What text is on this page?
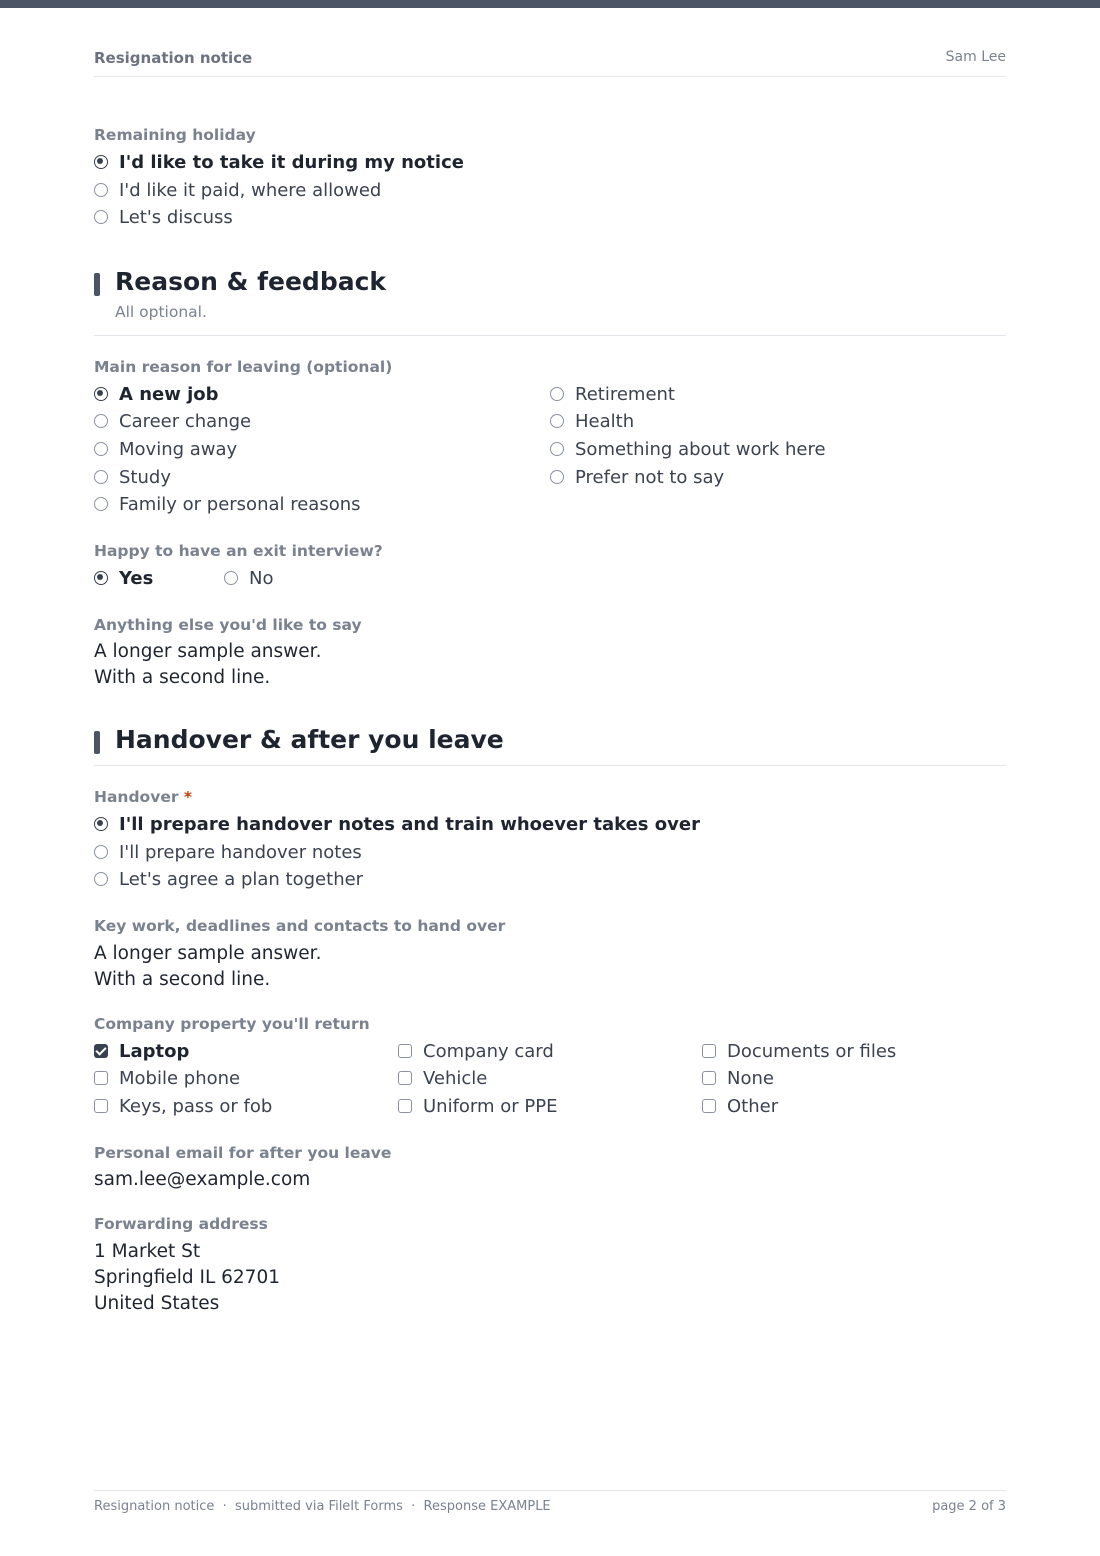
Resignation notice	Sam Lee
Remaining holiday
I'd like to take it during my notice
I'd like it paid, where allowed
Let's discuss
Reason & feedback
All optional.
Main reason for leaving (optional)
A new job
Career change
Moving away
Study
Family or personal reasons
Retirement
Health
Something about work here
Prefer not to say
Happy to have an exit interview?
Yes	No
Anything else you'd like to say
A longer sample answer.
With a second line.
Handover & after you leave
Handover *
I'll prepare handover notes and train whoever takes over
I'll prepare handover notes
Let's agree a plan together
Key work, deadlines and contacts to hand over
A longer sample answer.
With a second line.
Company property you'll return
Laptop
Mobile phone
Keys, pass or fob
Company card
Vehicle
Uniform or PPE
Documents or files
None
Other
Personal email for after you leave
sam.lee@example.com
Forwarding address
1 Market St
Springfield IL 62701
United States
Resignation notice  ·  submitted via FileIt Forms  ·  Response EXAMPLE	page 2 of 3
